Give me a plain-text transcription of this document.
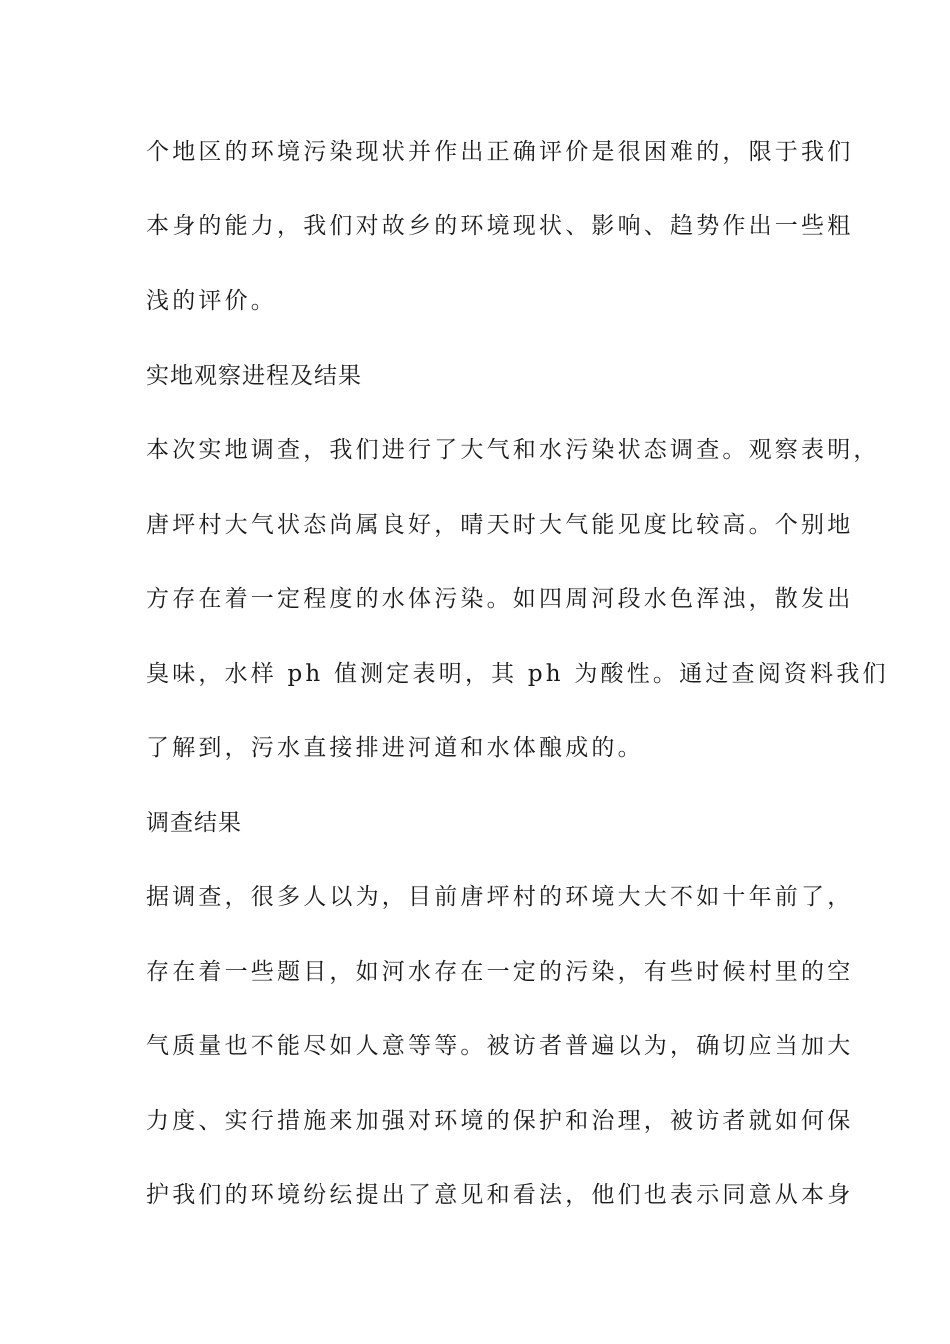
个地区的环境污染现状并作出正确评价是很困难的，限于我们
本身的能力，我们对故乡的环境现状、影响、趋势作出一些粗
浅的评价。
实地观察进程及结果
本次实地调查，我们进行了大气和水污染状态调查。观察表明，
唐坪村大气状态尚属良好，晴天时大气能见度比较高。个别地
方存在着一定程度的水体污染。如四周河段水色浑浊，散发出
臭味，水样 ph 值测定表明，其 ph 为酸性。通过查阅资料我们
了解到，污水直接排进河道和水体酿成的。
调查结果
据调查，很多人以为，目前唐坪村的环境大大不如十年前了，
存在着一些题目，如河水存在一定的污染，有些时候村里的空
气质量也不能尽如人意等等。被访者普遍以为，确切应当加大
力度、实行措施来加强对环境的保护和治理，被访者就如何保
护我们的环境纷纭提出了意见和看法，他们也表示同意从本身
